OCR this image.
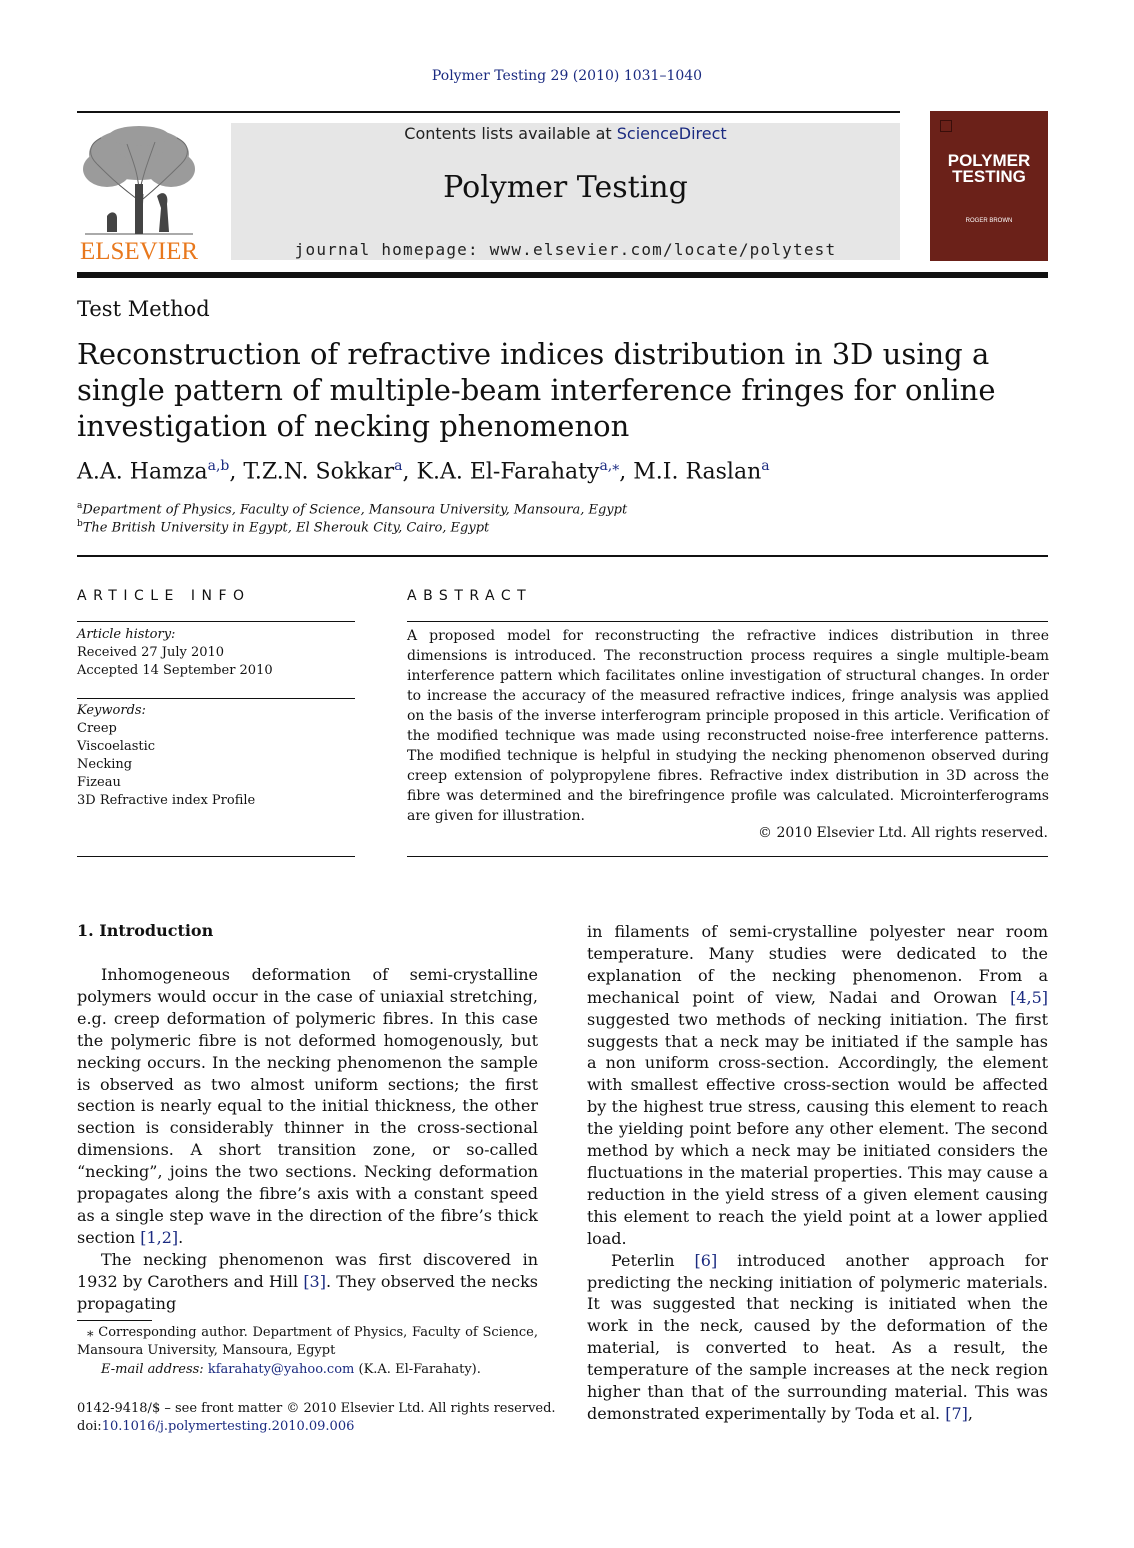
Polymer Testing 29 (2010) 1031–1040
ELSEVIER
Contents lists available at ScienceDirect
Polymer Testing
journal homepage: www.elsevier.com/locate/polytest
POLYMER
TESTING
ROGER BROWN
Test Method
Reconstruction of refractive indices distribution in 3D using a single pattern of multiple-beam interference fringes for online investigation of necking phenomenon
A.A. Hamza$^{a,b}$, T.Z.N. Sokkar$^a$, K.A. El-Farahaty$^{a,⁎}$, M.I. Raslan$^a$
$^a$Department of Physics, Faculty of Science, Mansoura University, Mansoura, Egypt
$^b$The British University in Egypt, El Sherouk City, Cairo, Egypt
ARTICLE INFO
Article history:
Received 27 July 2010
Accepted 14 September 2010
Keywords:
Creep
Viscoelastic
Necking
Fizeau
3D Refractive index Profile
ABSTRACT
A proposed model for reconstructing the refractive indices distribution in three dimensions is introduced. The reconstruction process requires a single multiple-beam interference pattern which facilitates online investigation of structural changes. In order to increase the accuracy of the measured refractive indices, fringe analysis was applied on the basis of the inverse interferogram principle proposed in this article. Verification of the modified technique was made using reconstructed noise-free interference patterns. The modified technique is helpful in studying the necking phenomenon observed during creep extension of polypropylene fibres. Refractive index distribution in 3D across the fibre was determined and the birefringence profile was calculated. Microinterferograms are given for illustration.
© 2010 Elsevier Ltd. All rights reserved.
1. Introduction

Inhomogeneous deformation of semi-crystalline polymers would occur in the case of uniaxial stretching, e.g. creep deformation of polymeric fibres. In this case the polymeric fibre is not deformed homogenously, but necking occurs. In the necking phenomenon the sample is observed as two almost uniform sections; the first section is nearly equal to the initial thickness, the other section is considerably thinner in the cross-sectional dimensions. A short transition zone, or so-called “necking”, joins the two sections. Necking deformation propagates along the fibre’s axis with a constant speed as a single step wave in the direction of the fibre’s thick section [1,2].

The necking phenomenon was first discovered in 1932 by Carothers and Hill [3]. They observed the necks propagating

in filaments of semi-crystalline polyester near room temperature. Many studies were dedicated to the explanation of the necking phenomenon. From a mechanical point of view, Nadai and Orowan [4,5] suggested two methods of necking initiation. The first suggests that a neck may be initiated if the sample has a non uniform cross-section. Accordingly, the element with smallest effective cross-section would be affected by the highest true stress, causing this element to reach the yielding point before any other element. The second method by which a neck may be initiated considers the fluctuations in the material properties. This may cause a reduction in the yield stress of a given element causing this element to reach the yield point at a lower applied load.

Peterlin [6] introduced another approach for predicting the necking initiation of polymeric materials. It was suggested that necking is initiated when the work in the neck, caused by the deformation of the material, is converted to heat. As a result, the temperature of the sample increases at the neck region higher than that of the surrounding material. This was demonstrated experimentally by Toda et al. [7],

⁎ Corresponding author. Department of Physics, Faculty of Science, Mansoura University, Mansoura, Egypt
E-mail address: kfarahaty@yahoo.com (K.A. El-Farahaty).
0142-9418/$ – see front matter © 2010 Elsevier Ltd. All rights reserved.
doi:10.1016/j.polymertesting.2010.09.006
